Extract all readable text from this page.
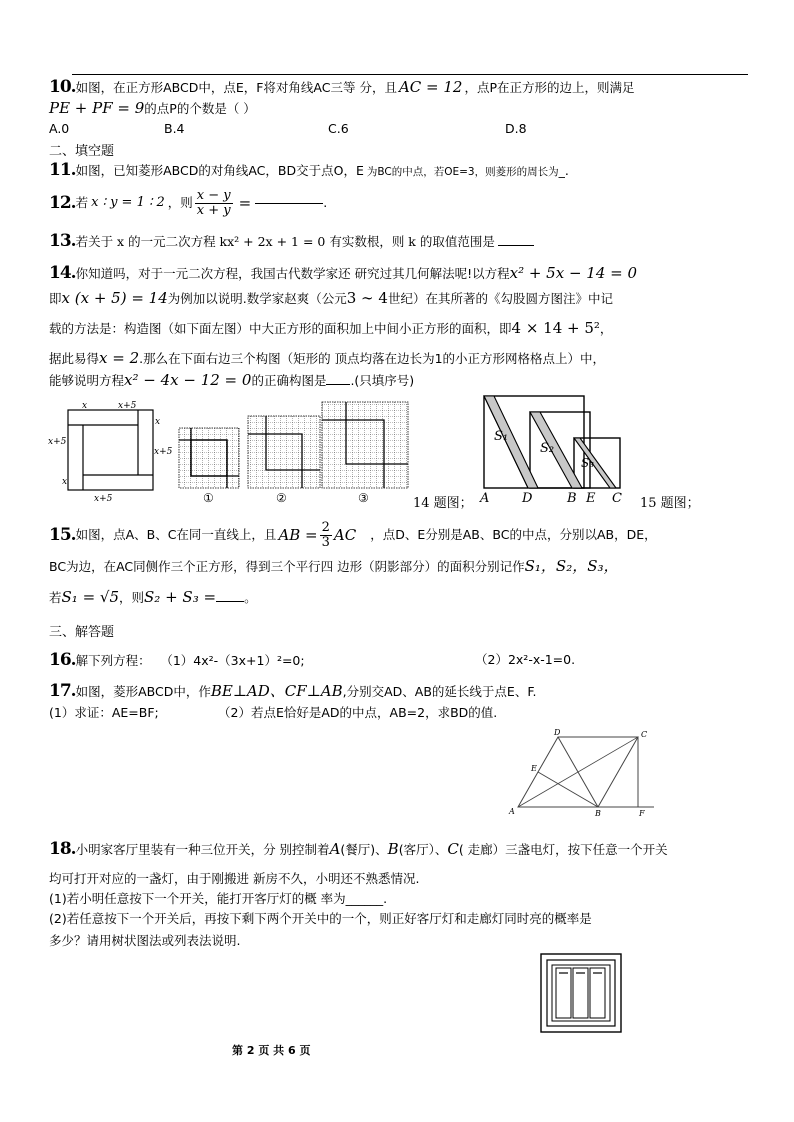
10.如图，在正方形ABCD中，点E，F将对角线AC三等 分，且 AC = 12 ，点P在正方形的边上，则满足
PE + PF = 9的点P的个数是（ ）
A.0	B.4	C.6	D.8
二、填空题
11.如图，已知菱形ABCD的对角线AC，BD交于点O，E 为BC的中点，若OE=3，则菱形的周长为_.
12. 若 x ∶ y = 1 ∶ 2 ，则 $\frac{x - y}{x + y}$ =	.
13.若关于 x 的一元二次方程 kx² + 2x + 1 = 0 有实数根，则 k 的取值范围是
14.你知道吗，对于一元二次方程，我国古代数学家还 研究过其几何解法呢!以方程x² + 5x − 14 = 0
即x (x + 5) = 14为例加以说明.数学家赵爽（公元3 ∼ 4世纪）在其所著的《勾股圆方图注》中记
载的方法是：构造图（如下面左图）中大正方形的面积加上中间小正方形的面积，即4 × 14 + 5²，
据此易得x = 2.那么在下面右边三个构图（矩形的 顶点均落在边长为1的小正方形网格格点上）中，
能够说明方程x² − 4x − 12 = 0的正确构图是 .(只填序号)
x	x+5
x
x+5
x+5
x
x+5	①	②	③	14 题图；
S₁
S₂
S₃
A	D	B E C 15 题图；
15. 如图，点A、B、C在同一直线上，且 AB = $\frac{2}{3}$ AC ，点D、E分别是AB、BC的中点，分别以AB，DE，
BC为边，在AC同侧作三个正方形，得到三个平行四 边形（阴影部分）的面积分别记作S₁，S₂，S₃，
若S₁ = √5，则S₂ + S₃ = 。
三、解答题
16.解下列方程： （1）4x²-（3x+1）²=0;	（2）2x²-x-1=0.
17.如图，菱形ABCD中，作BE⊥AD、CF⊥AB,分别交AD、AB的延长线于点E、F.
(1）求证：AE=BF;	（2）若点E恰好是AD的中点，AB=2，求BD的值.
A	B
C
D
E
F
18.小明家客厅里装有一种三位开关，分 别控制着A(餐厅)、B(客厅）、C( 走廊）三盏电灯，按下任意一个开关
均可打开对应的一盏灯，由于刚搬进 新房不久，小明还不熟悉情况.
(1)若小明任意按下一个开关，能打开客厅灯的概 率为______.
(2)若任意按下一个开关后，再按下剩下两个开关中的一个，则正好客厅灯和走廊灯同时亮的概率是
多少？请用树状图法或列表法说明.
第 2 页 共 6 页
